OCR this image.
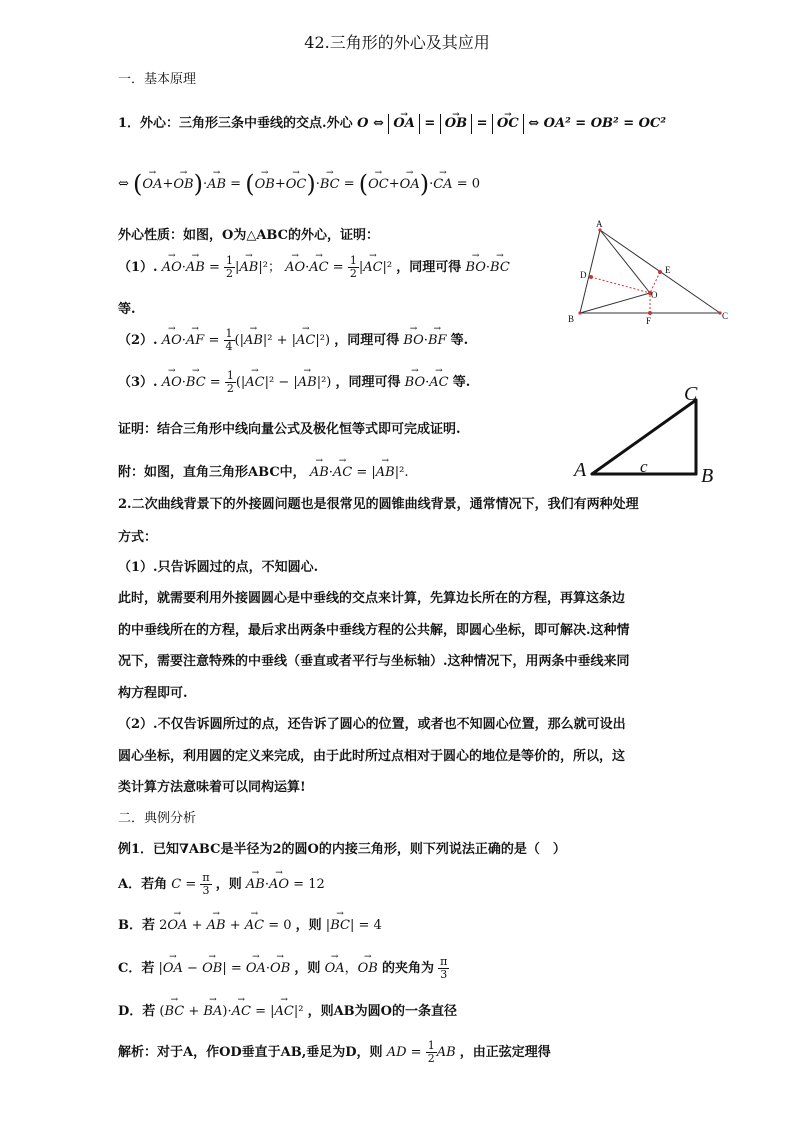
42.三角形的外心及其应用
一．基本原理
1．外心：三角形三条中垂线的交点.外心 O ⇔ → OA = → OB = → OC ⇔ OA² = OB² = OC²
⇔ (→ OA+→ OB)·→ AB = (→ OB+→ OC)·→ BC = (→ OC+→ OA)·→ CA = 0
外心性质：如图，O为△ABC的外心，证明：
（1）. → AO·→ AB = $\frac{1}{2}$ |→ AB|²； → AO·→ AC = $\frac{1}{2}$ |→ AC|² ，同理可得 → BO·→ BC
等.
（2）. → AO·→ AF = $\frac{1}{4}$ (|→ AB|² + |→ AC|²) ，同理可得 → BO·→ BF 等.
（3）. → AO·→ BC = $\frac{1}{2}$ (|→ AC|² − |→ AB|²) ，同理可得 → BO·→ AC 等.
证明：结合三角形中线向量公式及极化恒等式即可完成证明.
附：如图，直角三角形ABC中， → AB·→ AC = |→ AB|².
A
B	C
D	E
F
O
A	B
C
c
2.二次曲线背景下的外接圆问题也是很常见的圆锥曲线背景，通常情况下，我们有两种处理
方式：
（1）.只告诉圆过的点，不知圆心.
此时，就需要利用外接圆圆心是中垂线的交点来计算，先算边长所在的方程，再算这条边
的中垂线所在的方程，最后求出两条中垂线方程的公共解，即圆心坐标，即可解决.这种情
况下，需要注意特殊的中垂线（垂直或者平行与坐标轴）.这种情况下，用两条中垂线来同
构方程即可.
（2）.不仅告诉圆所过的点，还告诉了圆心的位置，或者也不知圆心位置，那么就可设出
圆心坐标，利用圆的定义来完成，由于此时所过点相对于圆心的地位是等价的，所以，这
类计算方法意味着可以同构运算!
二．典例分析
例1．已知∇ABC是半径为2的圆O的内接三角形，则下列说法正确的是（　）
A．若角 $C = \frac{\pi}{3}$ ，则 → AB·→ AO = 12
B．若 2→ OA + → AB + → AC = 0 ，则 |→ BC| = 4
C．若 |→ OA − → OB| = → OA·→ OB ，则 → OA，→ OB 的夹角为 $\frac{\pi}{3}$
D．若 (→ BC + → BA)·→ AC = |→ AC|² ，则AB为圆O的一条直径
解析：对于A，作OD垂直于AB,垂足为D，则 AD = $\frac{1}{2}$ AB ，由正弦定理得
